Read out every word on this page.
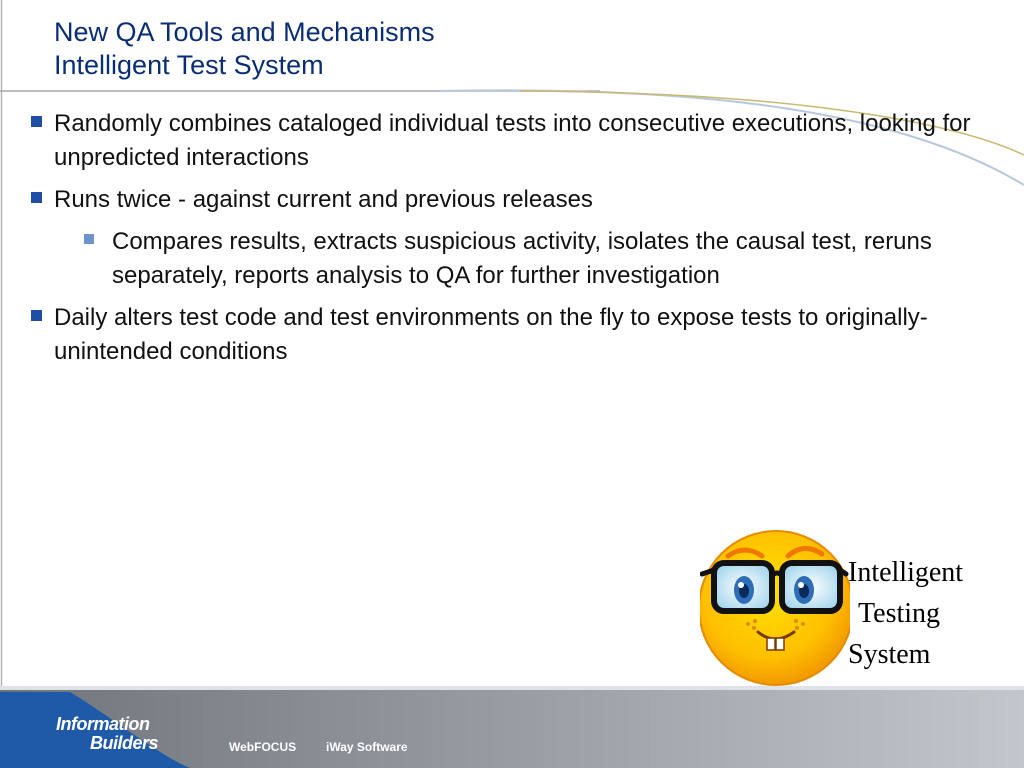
New QA Tools and Mechanisms
Intelligent Test System
Randomly combines cataloged individual tests into consecutive executions, looking for unpredicted interactions
Runs twice - against current and previous releases
Compares results, extracts suspicious activity, isolates the causal test, reruns separately, reports analysis to QA for further investigation
Daily alters test code and test environments on the fly to expose tests to originally-unintended conditions

Intelligent
Testing
System

Information
Builders	WebFOCUS iWay Software
